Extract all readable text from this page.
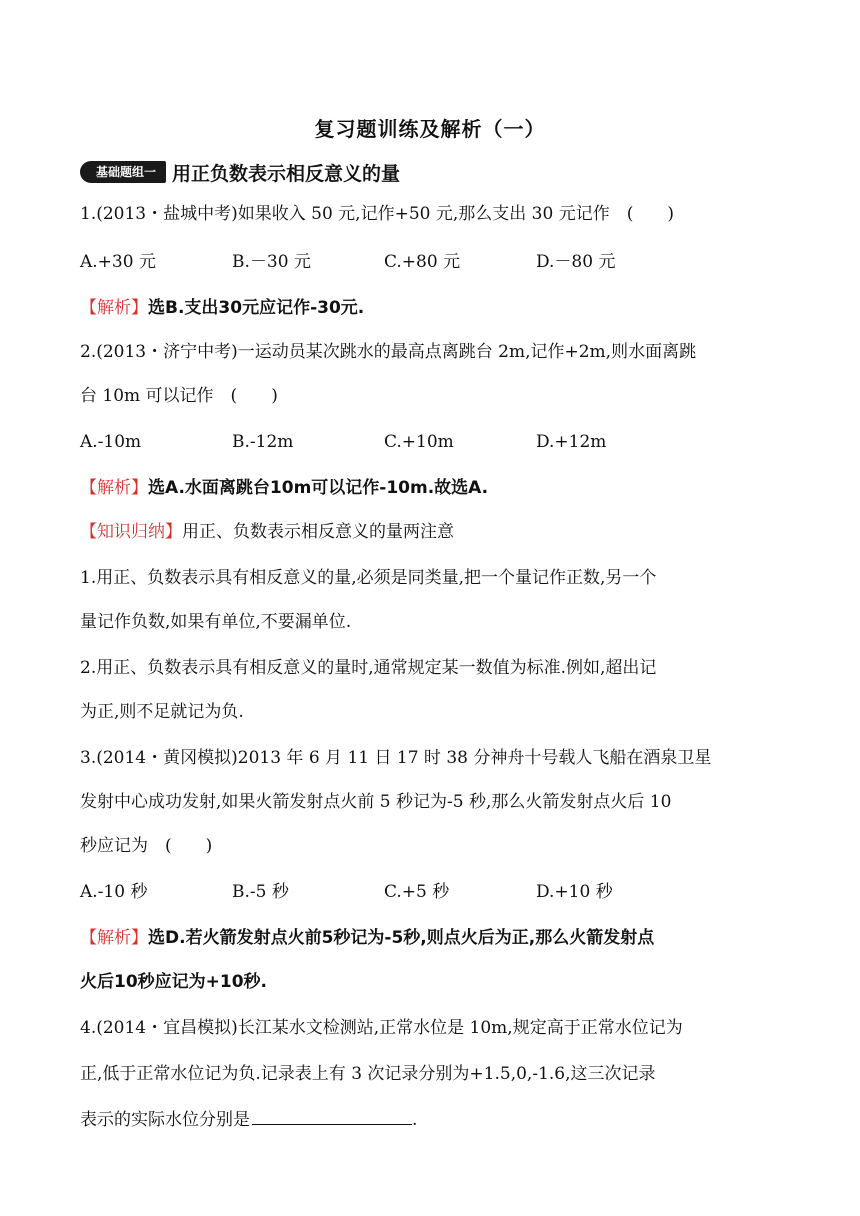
复习题训练及解析（一）
基础题组一 用正负数表示相反意义的量
1.(2013・盐城中考)如果收入 50 元,记作+50 元,那么支出 30 元记作　(　　)
A.+30 元	B.－30 元	C.+80 元	D.－80 元
【解析】选B.支出30元应记作-30元.
2.(2013・济宁中考)一运动员某次跳水的最高点离跳台 2m,记作+2m,则水面离跳
台 10m 可以记作　(　　)
A.-10m	B.-12m	C.+10m	D.+12m
【解析】选A.水面离跳台10m可以记作-10m.故选A.
【知识归纳】用正、负数表示相反意义的量两注意
1.用正、负数表示具有相反意义的量,必须是同类量,把一个量记作正数,另一个
量记作负数,如果有单位,不要漏单位.
2.用正、负数表示具有相反意义的量时,通常规定某一数值为标准.例如,超出记
为正,则不足就记为负.
3.(2014・黄冈模拟)2013 年 6 月 11 日 17 时 38 分神舟十号载人飞船在酒泉卫星
发射中心成功发射,如果火箭发射点火前 5 秒记为-5 秒,那么火箭发射点火后 10
秒应记为　(　　)
A.-10 秒	B.-5 秒	C.+5 秒	D.+10 秒
【解析】选D.若火箭发射点火前5秒记为-5秒,则点火后为正,那么火箭发射点
火后10秒应记为+10秒.
4.(2014・宜昌模拟)长江某水文检测站,正常水位是 10m,规定高于正常水位记为
正,低于正常水位记为负.记录表上有 3 次记录分别为+1.5,0,-1.6,这三次记录
表示的实际水位分别是	.
